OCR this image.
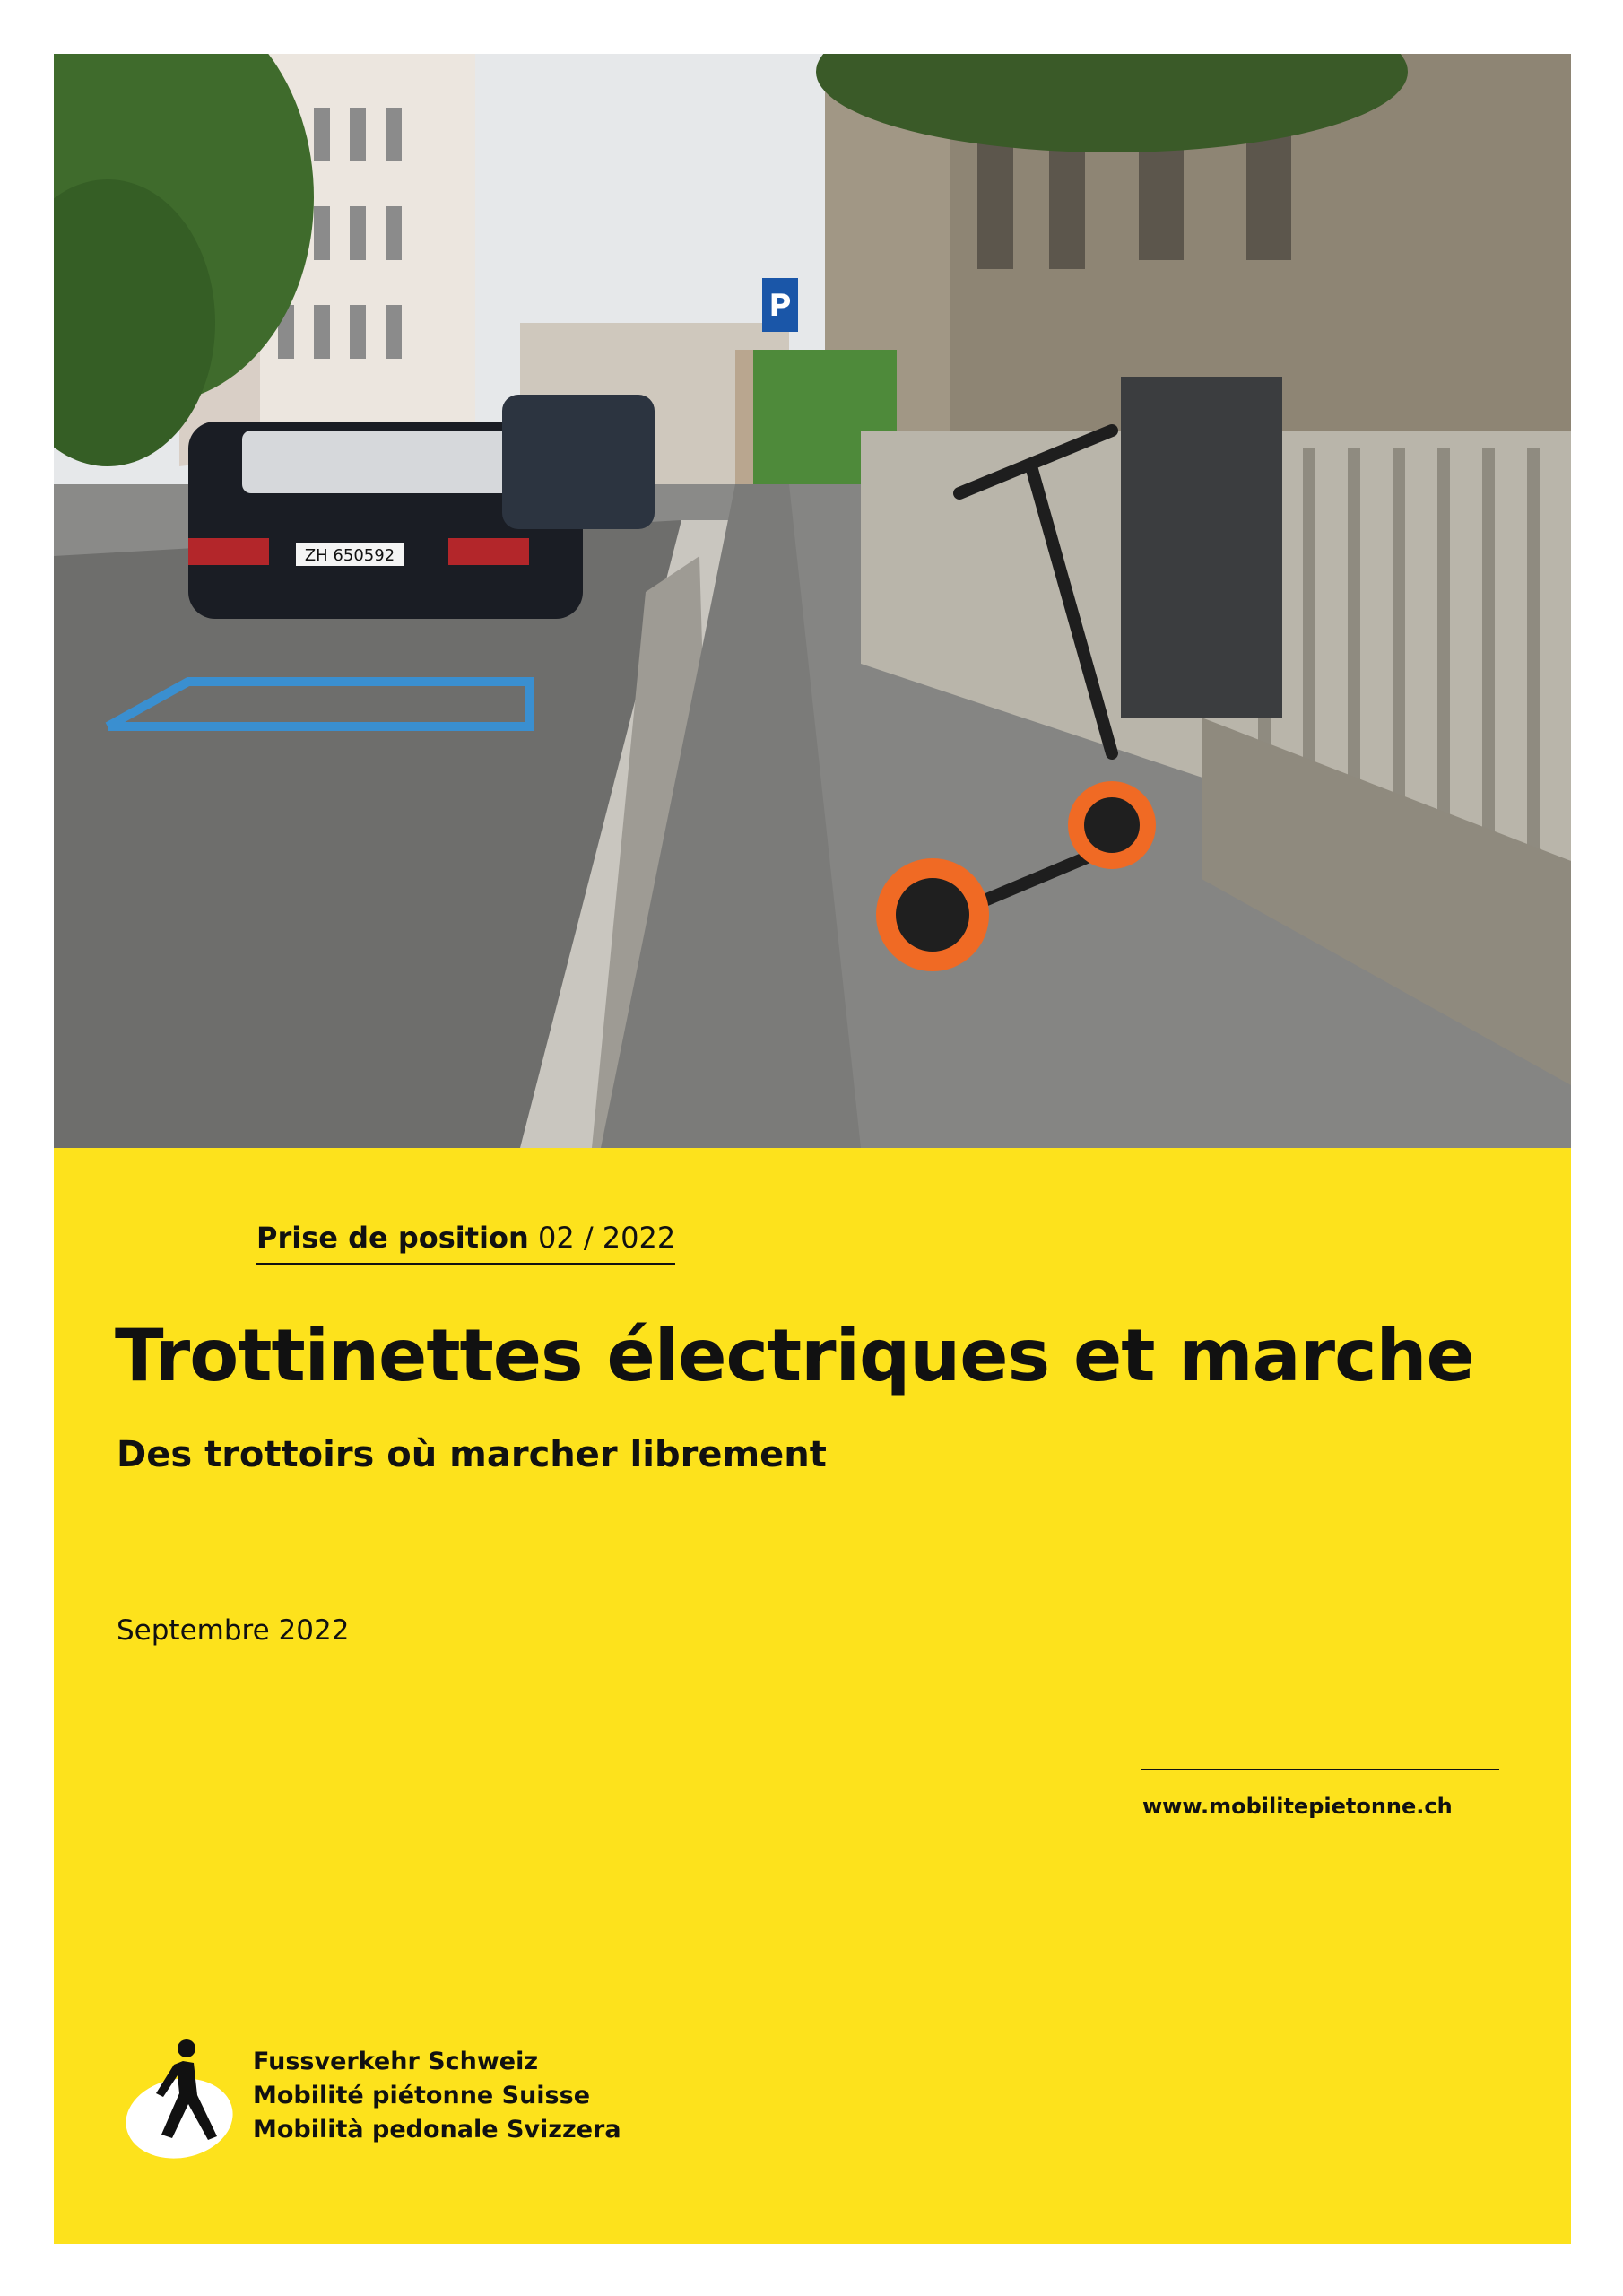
ZH 650592
P
Prise de position 02 / 2022
Trottinettes électriques et marche
Des trottoirs où marcher librement
Septembre 2022
www.mobilitepietonne.ch
Fussverkehr Schweiz
Mobilité piétonne Suisse
Mobilità pedonale Svizzera
